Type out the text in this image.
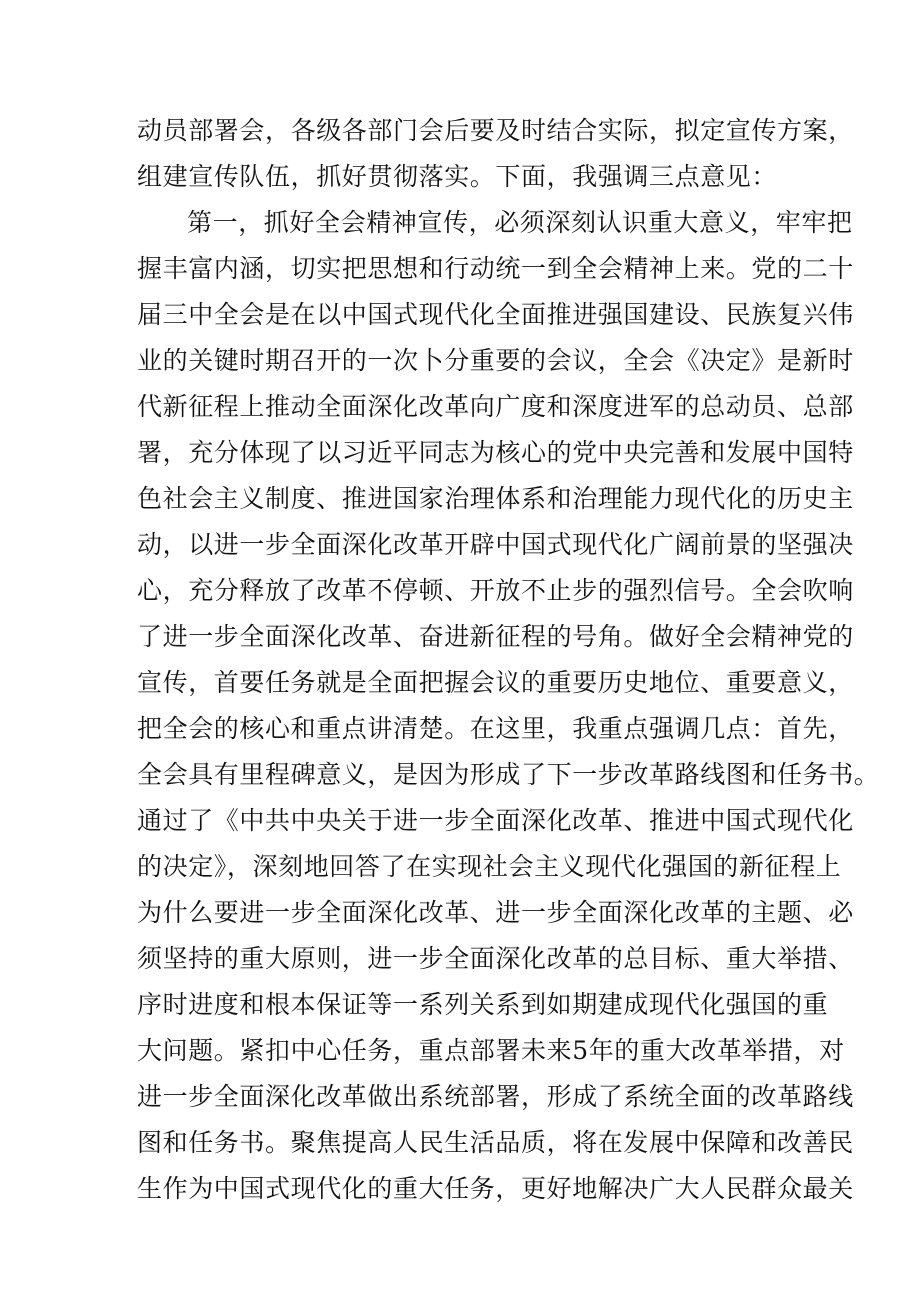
动员部署会，各级各部门会后要及时结合实际，拟定宣传方案，
组建宣传队伍，抓好贯彻落实。下面，我强调三点意见：
第一，抓好全会精神宣传，必须深刻认识重大意义，牢牢把
握丰富内涵，切实把思想和行动统一到全会精神上来。党的二十
届三中全会是在以中国式现代化全面推进强国建设、民族复兴伟
业的关键时期召开的一次卜分重要的会议，全会《决定》是新时
代新征程上推动全面深化改革向广度和深度进军的总动员、总部
署，充分体现了以习近平同志为核心的党中央完善和发展中国特
色社会主义制度、推进国家治理体系和治理能力现代化的历史主
动，以进一步全面深化改革开辟中国式现代化广阔前景的坚强决
心，充分释放了改革不停顿、开放不止步的强烈信号。全会吹响
了进一步全面深化改革、奋进新征程的号角。做好全会精神党的
宣传，首要任务就是全面把握会议的重要历史地位、重要意义，
把全会的核心和重点讲清楚。在这里，我重点强调几点：首先，
全会具有里程碑意义，是因为形成了下一步改革路线图和任务书。
通过了《中共中央关于进一步全面深化改革、推进中国式现代化
的决定》，深刻地回答了在实现社会主义现代化强国的新征程上
为什么要进一步全面深化改革、进一步全面深化改革的主题、必
须坚持的重大原则，进一步全面深化改革的总目标、重大举措、
序时进度和根本保证等一系列关系到如期建成现代化强国的重
大问题。紧扣中心任务，重点部署未来5年的重大改革举措，对
进一步全面深化改革做出系统部署，形成了系统全面的改革路线
图和任务书。聚焦提高人民生活品质，将在发展中保障和改善民
生作为中国式现代化的重大任务，更好地解决广大人民群众最关
